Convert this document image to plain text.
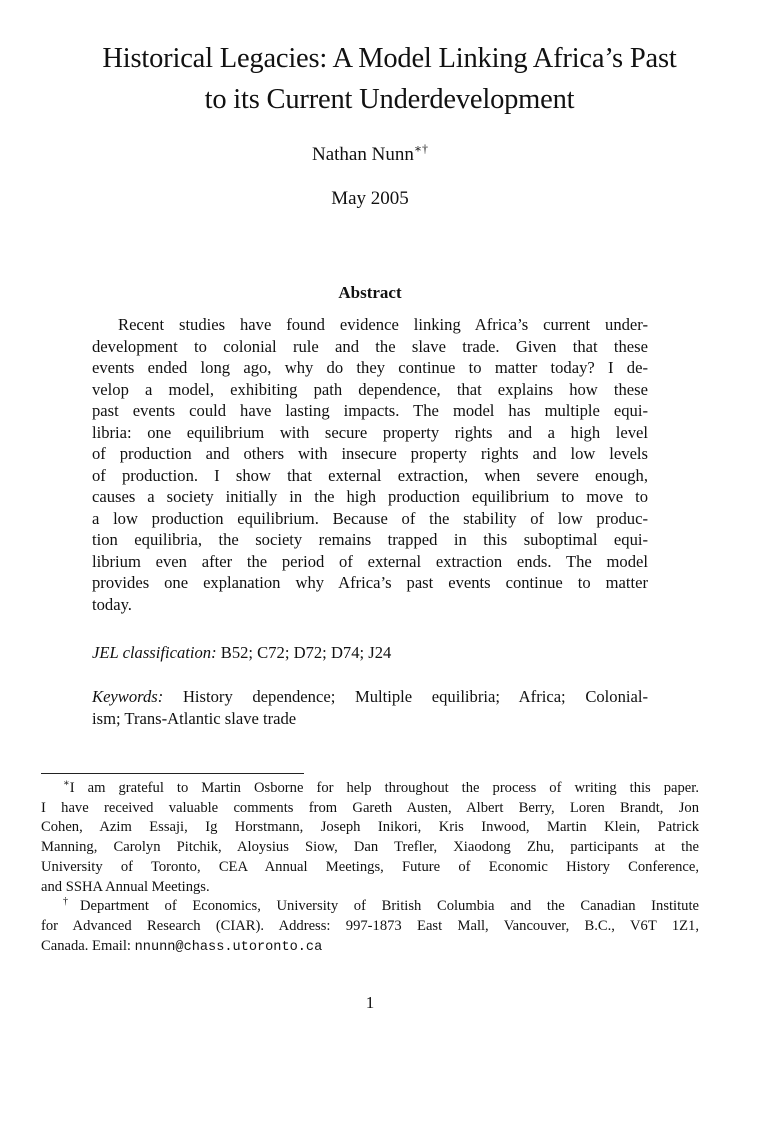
Historical Legacies: A Model Linking Africa’s Past
to its Current Underdevelopment
Nathan Nunn∗†
May 2005
Abstract
Recent studies have found evidence linking Africa’s current under-
development to colonial rule and the slave trade. Given that these
events ended long ago, why do they continue to matter today? I de-
velop a model, exhibiting path dependence, that explains how these
past events could have lasting impacts. The model has multiple equi-
libria: one equilibrium with secure property rights and a high level
of production and others with insecure property rights and low levels
of production. I show that external extraction, when severe enough,
causes a society initially in the high production equilibrium to move to
a low production equilibrium. Because of the stability of low produc-
tion equilibria, the society remains trapped in this suboptimal equi-
librium even after the period of external extraction ends. The model
provides one explanation why Africa’s past events continue to matter
today.
JEL classification: B52; C72; D72; D74; J24
Keywords: History dependence; Multiple equilibria; Africa; Colonial-
ism; Trans-Atlantic slave trade
∗I am grateful to Martin Osborne for help throughout the process of writing this paper.
I have received valuable comments from Gareth Austen, Albert Berry, Loren Brandt, Jon
Cohen, Azim Essaji, Ig Horstmann, Joseph Inikori, Kris Inwood, Martin Klein, Patrick
Manning, Carolyn Pitchik, Aloysius Siow, Dan Trefler, Xiaodong Zhu, participants at the
University of Toronto, CEA Annual Meetings, Future of Economic History Conference,
and SSHA Annual Meetings.
†Department of Economics, University of British Columbia and the Canadian Institute
for Advanced Research (CIAR). Address: 997-1873 East Mall, Vancouver, B.C., V6T 1Z1,
Canada. Email: nnunn@chass.utoronto.ca
1
